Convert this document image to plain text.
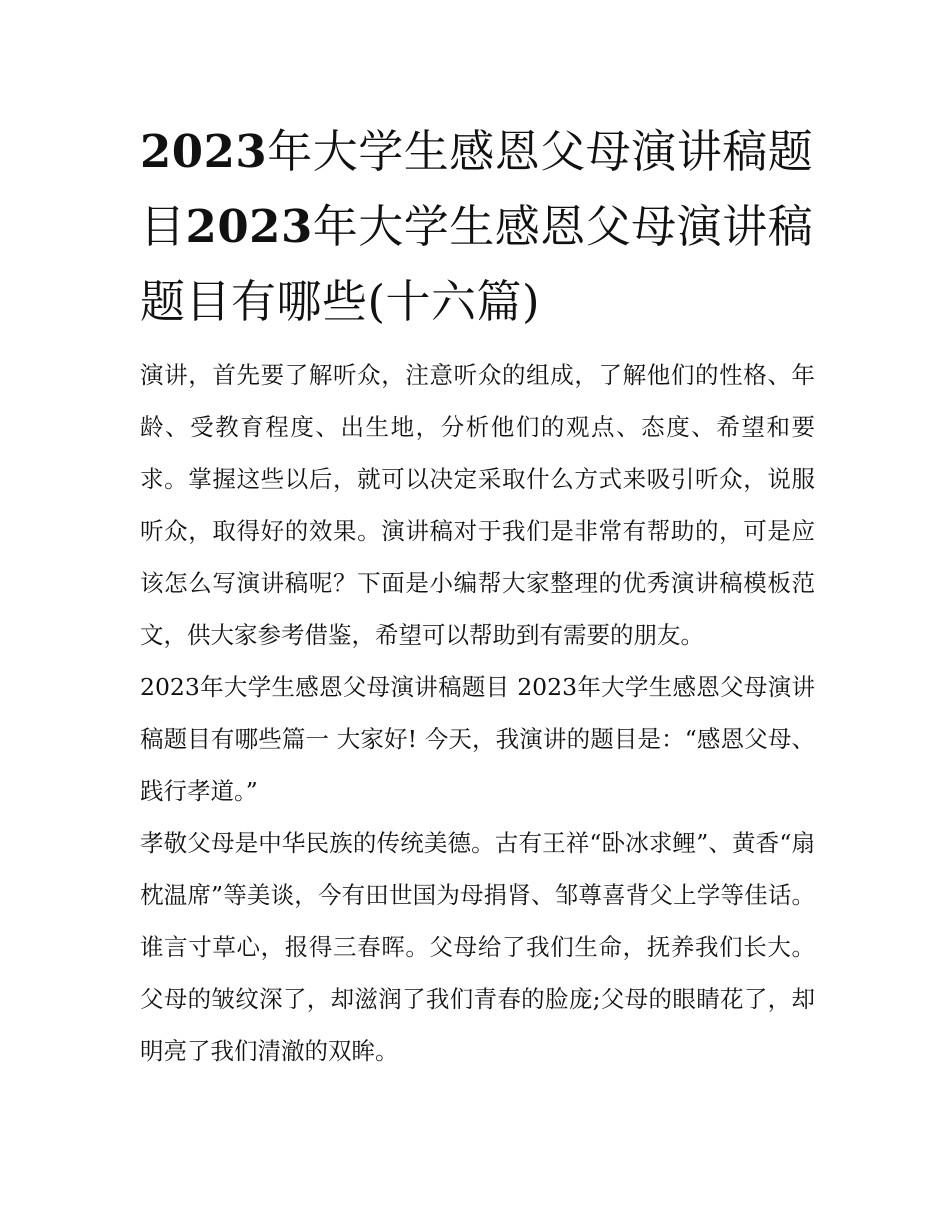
2023年大学生感恩父母演讲稿题目2023年大学生感恩父母演讲稿题目有哪些(十六篇)

演讲，首先要了解听众，注意听众的组成，了解他们的性格、年龄、受教育程度、出生地，分析他们的观点、态度、希望和要求。掌握这些以后，就可以决定采取什么方式来吸引听众，说服听众，取得好的效果。演讲稿对于我们是非常有帮助的，可是应该怎么写演讲稿呢？下面是小编帮大家整理的优秀演讲稿模板范文，供大家参考借鉴，希望可以帮助到有需要的朋友。

2023年大学生感恩父母演讲稿题目 2023年大学生感恩父母演讲稿题目有哪些篇一 大家好! 今天，我演讲的题目是：“感恩父母、践行孝道。”

孝敬父母是中华民族的传统美德。古有王祥“卧冰求鲤”、黄香“扇枕温席”等美谈，今有田世国为母捐肾、邹尊喜背父上学等佳话。谁言寸草心，报得三春晖。父母给了我们生命，抚养我们长大。父母的皱纹深了，却滋润了我们青春的脸庞;父母的眼睛花了，却明亮了我们清澈的双眸。
